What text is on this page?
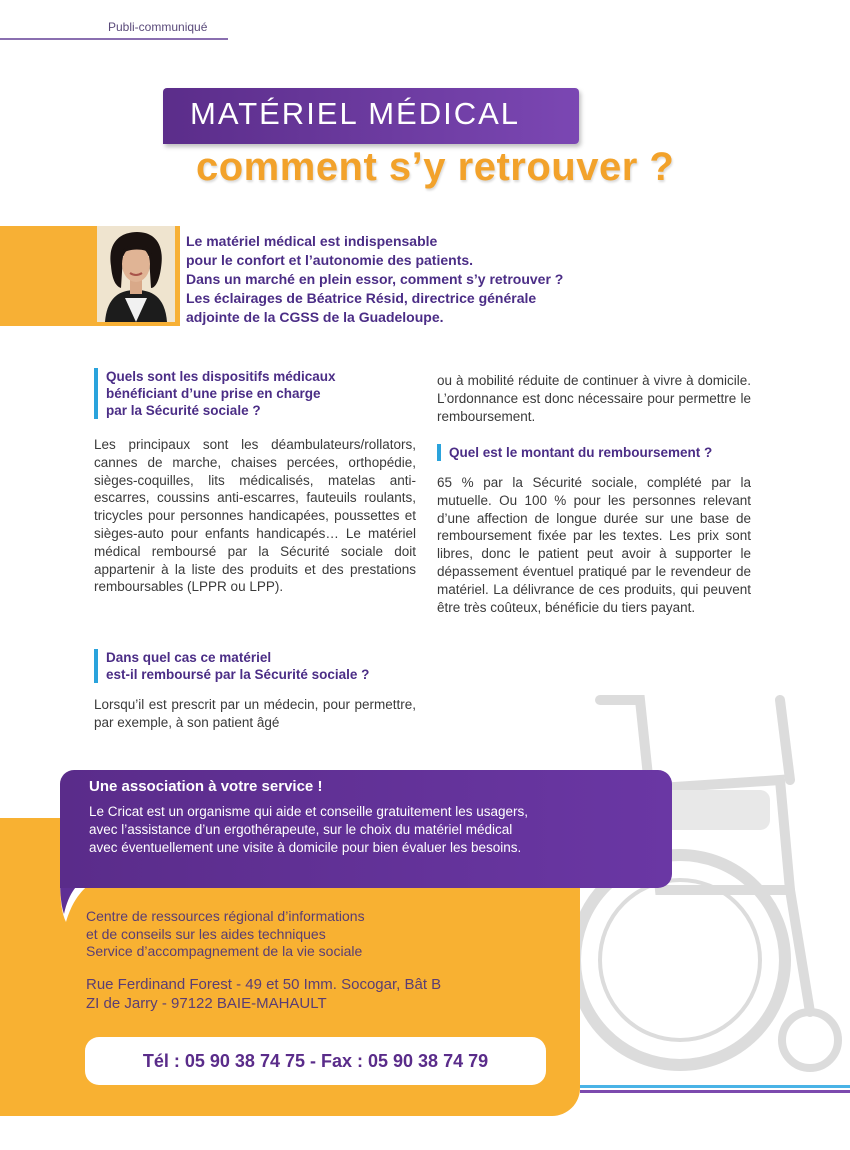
Publi-communiqué
MATÉRIEL MÉDICAL
comment s’y retrouver ?
Le matériel médical est indispensable
pour le confort et l’autonomie des patients.
Dans un marché en plein essor, comment s’y retrouver ?
Les éclairages de Béatrice Résid, directrice générale
adjointe de la CGSS de la Guadeloupe.
Quels sont les dispositifs médicaux
bénéficiant d’une prise en charge
par la Sécurité sociale ?
Les principaux sont les déambulateurs/rollators, cannes de marche, chaises percées, orthopédie, sièges-coquilles, lits médicalisés, matelas anti-escarres, coussins anti-escarres, fauteuils roulants, tricycles pour personnes handicapées, poussettes et sièges-auto pour enfants handicapés… Le matériel médical remboursé par la Sécurité sociale doit appartenir à la liste des produits et des prestations remboursables (LPPR ou LPP).
Dans quel cas ce matériel
est-il remboursé par la Sécurité sociale ?
Lorsqu’il est prescrit par un médecin, pour permettre, par exemple, à son patient âgé
ou à mobilité réduite de continuer à vivre à domicile. L’ordonnance est donc nécessaire pour permettre le remboursement.
Quel est le montant du remboursement ?
65 % par la Sécurité sociale, complété par la mutuelle. Ou 100 % pour les personnes relevant d’une affection de longue durée sur une base de remboursement fixée par les textes. Les prix sont libres, donc le patient peut avoir à supporter le dépassement éventuel pratiqué par le revendeur de matériel. La délivrance de ces produits, qui peuvent être très coûteux, bénéficie du tiers payant.
Une association à votre service !
Le Cricat est un organisme qui aide et conseille gratuitement les usagers,
avec l’assistance d’un ergothérapeute, sur le choix du matériel médical
avec éventuellement une visite à domicile pour bien évaluer les besoins.
Centre de ressources régional d’informations
et de conseils sur les aides techniques
Service d’accompagnement de la vie sociale
Rue Ferdinand Forest - 49 et 50 Imm. Socogar, Bât B
ZI de Jarry - 97122 BAIE-MAHAULT
Tél : 05 90 38 74 75 - Fax : 05 90 38 74 79
